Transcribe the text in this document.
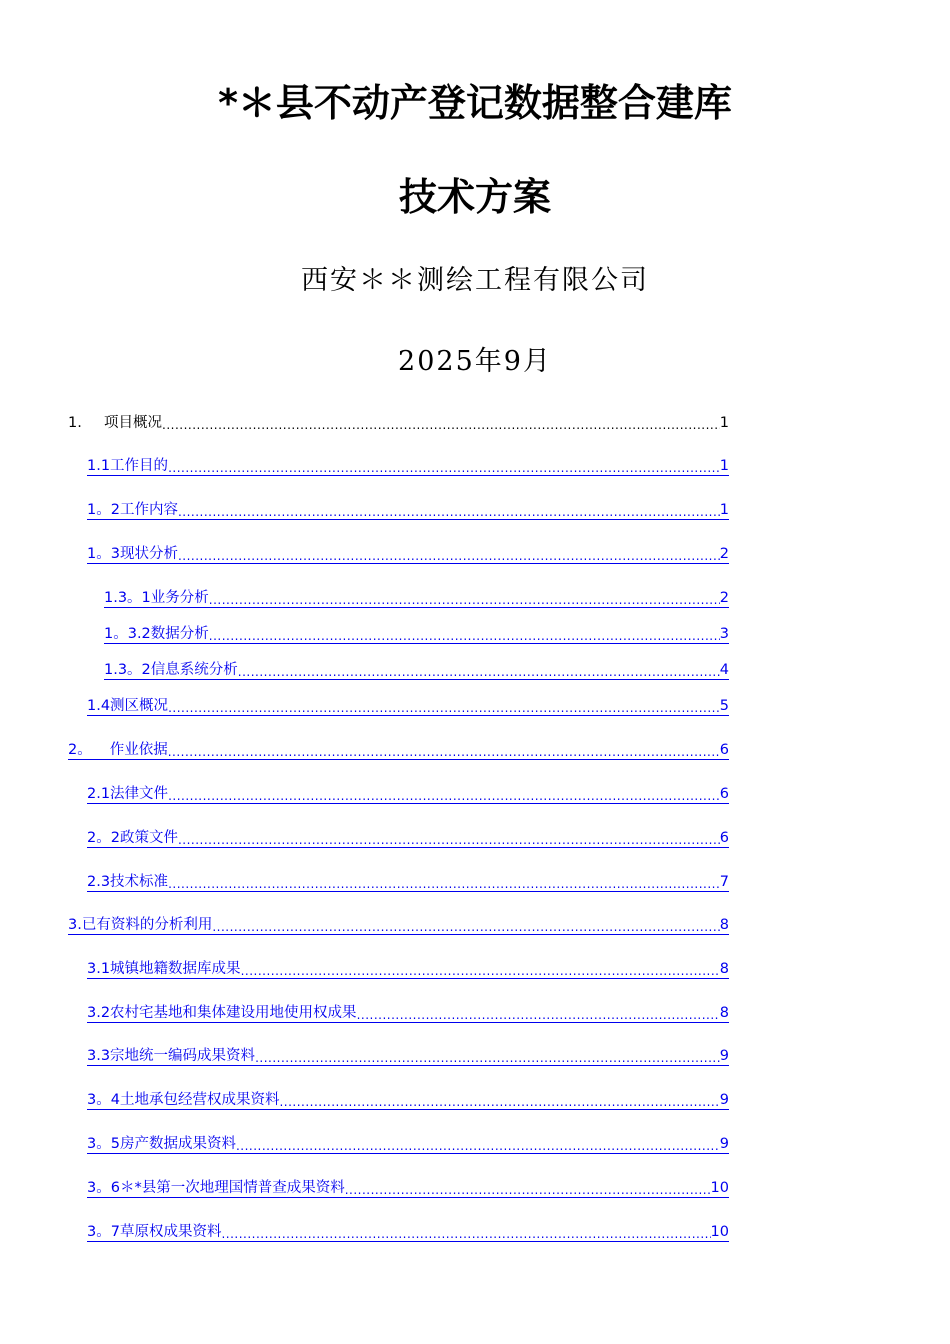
*＊县不动产登记数据整合建库
技术方案
西安＊＊测绘工程有限公司
2025年9月
1.	项目概况 .....	1
1.1工作目的 .....	1
1。2工作内容 .....	1
1。3现状分析 .....	2
1.3。1业务分析 .....	2
1。3.2数据分析 .....	3
1.3。2信息系统分析 .....	4
1.4测区概况 .....	5
2。 作业依据 .....	6
2.1法律文件 .....	6
2。2政策文件 .....	6
2.3技术标准 .....	7
3.已有资料的分析利用 .....	8
3.1城镇地籍数据库成果 .....	8
3.2农村宅基地和集体建设用地使用权成果 .....	8
3.3宗地统一编码成果资料 .....	9
3。4土地承包经营权成果资料 .....	9
3。5房产数据成果资料 .....	9
3。6＊*县第一次地理国情普查成果资料 .....	10
3。7草原权成果资料 .....	10
